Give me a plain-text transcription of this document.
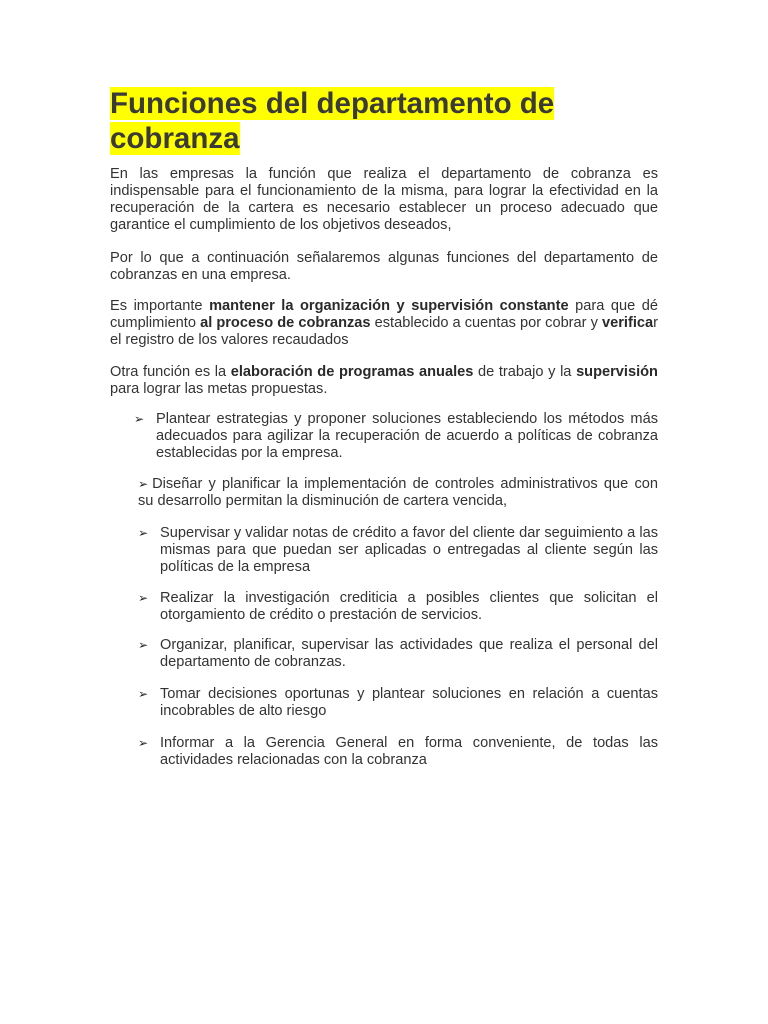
Funciones del departamento de cobranza

En las empresas la función que realiza el departamento de cobranza es indispensable para el funcionamiento de la misma, para lograr la efectividad en la recuperación de la cartera es necesario establecer un proceso adecuado que garantice el cumplimiento de los objetivos deseados,

Por lo que a continuación señalaremos algunas funciones del departamento de cobranzas en una empresa.

Es importante mantener la organización y supervisión constante para que dé cumplimiento al proceso de cobranzas establecido a cuentas por cobrar y verificar el registro de los valores recaudados

Otra función es la elaboración de programas anuales de trabajo y la supervisión para lograr las metas propuestas.

➢ Plantear estrategias y proponer soluciones estableciendo los métodos más adecuados para agilizar la recuperación de acuerdo a políticas de cobranza establecidas por la empresa.
➢ Diseñar y planificar la implementación de controles administrativos que con su desarrollo permitan la disminución de cartera vencida,
➢ Supervisar y validar notas de crédito a favor del cliente dar seguimiento a las mismas para que puedan ser aplicadas o entregadas al cliente según las políticas de la empresa
➢ Realizar la investigación crediticia a posibles clientes que solicitan el otorgamiento de crédito o prestación de servicios.
➢ Organizar, planificar, supervisar las actividades que realiza el personal del departamento de cobranzas.
➢ Tomar decisiones oportunas y plantear soluciones en relación a cuentas incobrables de alto riesgo
➢ Informar a la Gerencia General en forma conveniente, de todas las actividades relacionadas con la cobranza
